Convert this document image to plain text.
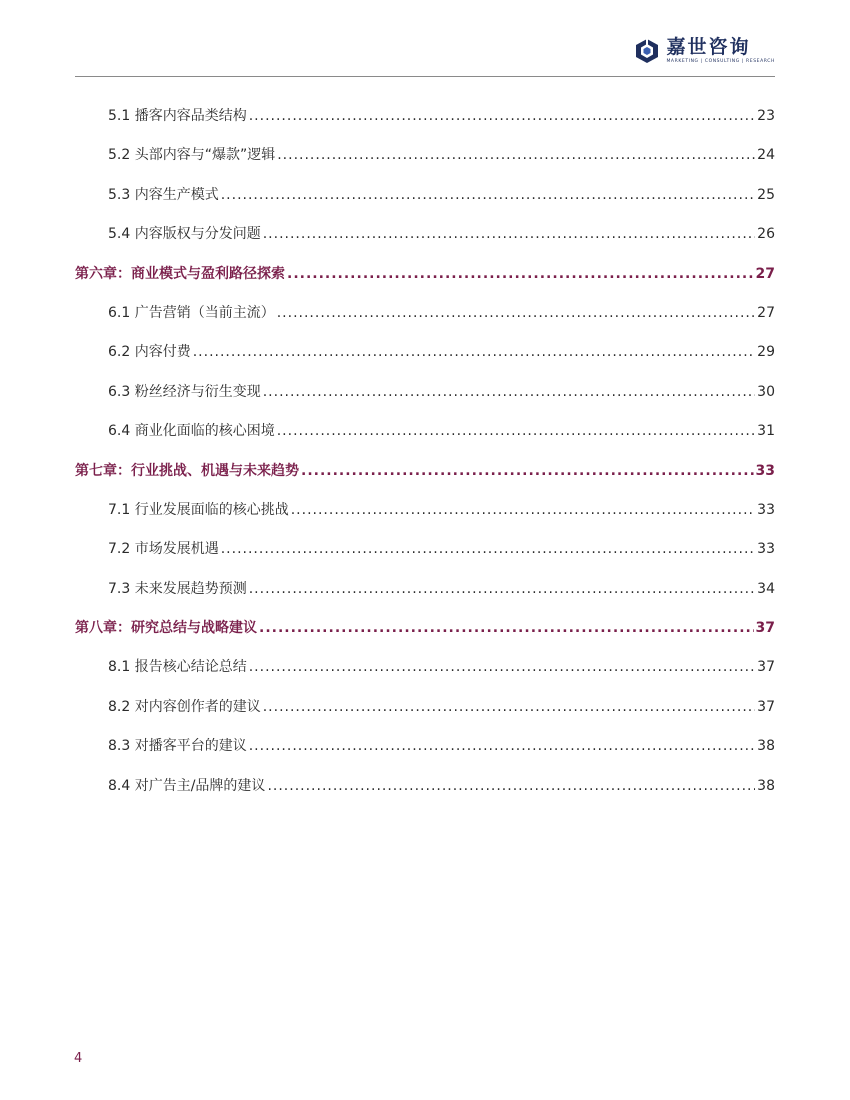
嘉世咨询
MARKETING | CONSULTING | RESEARCH
5.1 播客内容品类结构 .....	23
5.2 头部内容与“爆款”逻辑 .....	24
5.3 内容生产模式 .....	25
5.4 内容版权与分发问题 .....	26
第六章：商业模式与盈利路径探索 .....	27
6.1 广告营销（当前主流） .....	27
6.2 内容付费 .....	29
6.3 粉丝经济与衍生变现 .....	30
6.4 商业化面临的核心困境 .....	31
第七章：行业挑战、机遇与未来趋势 .....	33
7.1 行业发展面临的核心挑战 .....	33
7.2 市场发展机遇 .....	33
7.3 未来发展趋势预测 .....	34
第八章：研究总结与战略建议 .....	37
8.1 报告核心结论总结 .....	37
8.2 对内容创作者的建议 .....	37
8.3 对播客平台的建议 .....	38
8.4 对广告主/品牌的建议 .....	38
4
